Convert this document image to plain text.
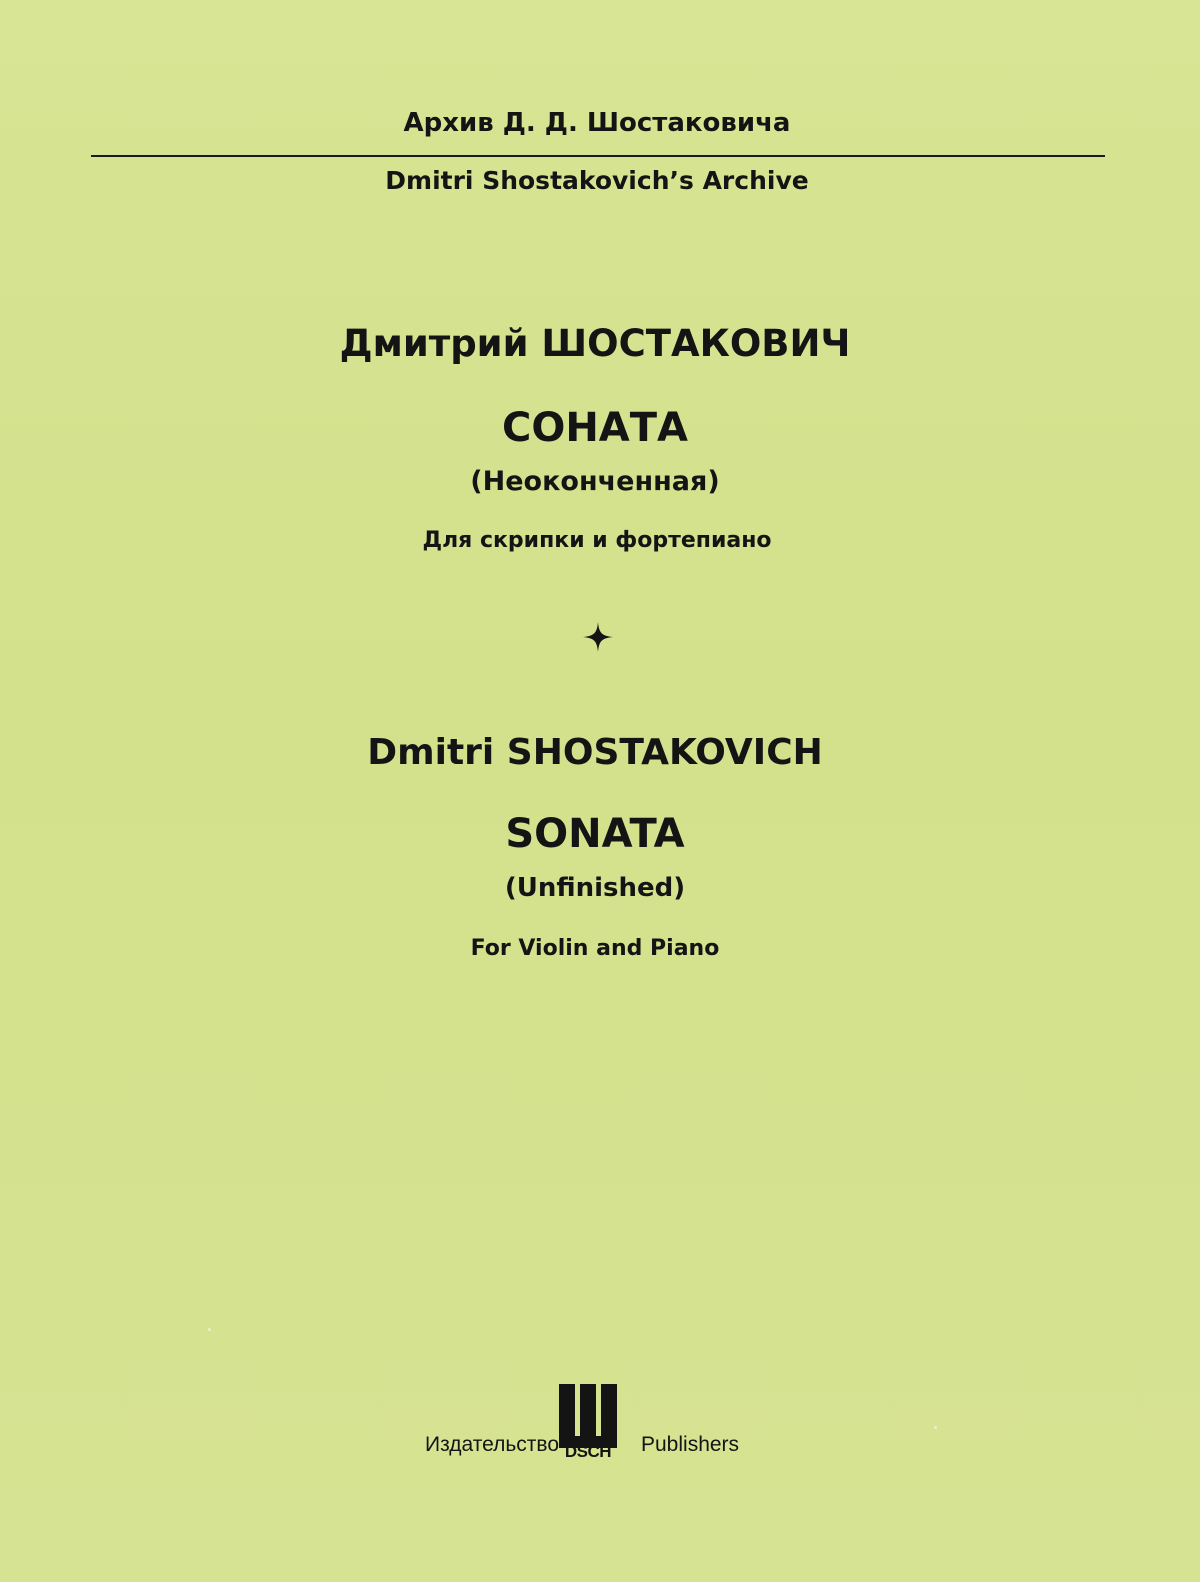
Архив Д. Д. Шостаковича
Dmitri Shostakovich’s Archive
Дмитрий ШОСТАКОВИЧ
СОНАТА
(Неоконченная)
Для скрипки и фортепиано
Dmitri SHOSTAKOVICH
SONATA
(Unfinished)
For Violin and Piano
Издательство DSCH	Publishers
